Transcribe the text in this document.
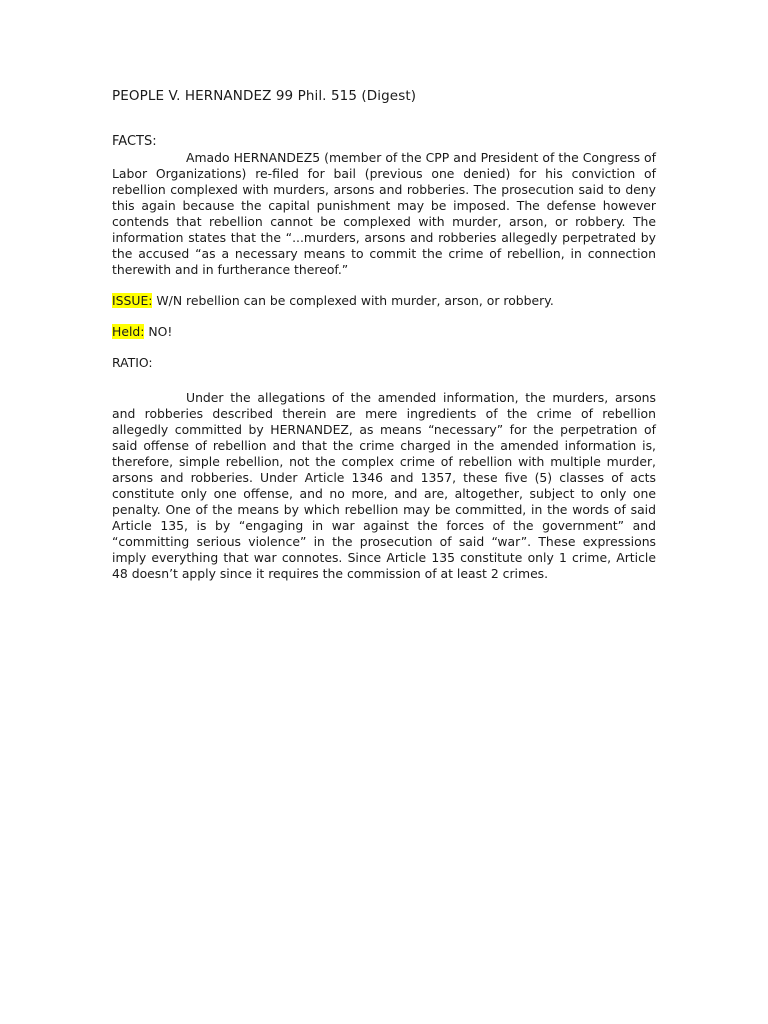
PEOPLE V. HERNANDEZ 99 Phil. 515 (Digest)
FACTS:

Amado HERNANDEZ5 (member of the CPP and President of the Congress of Labor Organizations) re-filed for bail (previous one denied) for his conviction of rebellion complexed with murders, arsons and robberies. The prosecution said to deny this again because the capital punishment may be imposed. The defense however contends that rebellion cannot be complexed with murder, arson, or robbery. The information states that the “...murders, arsons and robberies allegedly perpetrated by the accused “as a necessary means to commit the crime of rebellion, in connection therewith and in furtherance thereof.”

ISSUE: W/N rebellion can be complexed with murder, arson, or robbery.

Held: NO!

RATIO:

Under the allegations of the amended information, the murders, arsons and robberies described therein are mere ingredients of the crime of rebellion allegedly committed by HERNANDEZ, as means “necessary” for the perpetration of said offense of rebellion and that the crime charged in the amended information is, therefore, simple rebellion, not the complex crime of rebellion with multiple murder, arsons and robberies. Under Article 1346 and 1357, these five (5) classes of acts constitute only one offense, and no more, and are, altogether, subject to only one penalty. One of the means by which rebellion may be committed, in the words of said Article 135, is by “engaging in war against the forces of the government” and “committing serious violence” in the prosecution of said “war”. These expressions imply everything that war connotes. Since Article 135 constitute only 1 crime, Article 48 doesn’t apply since it requires the commission of at least 2 crimes.
